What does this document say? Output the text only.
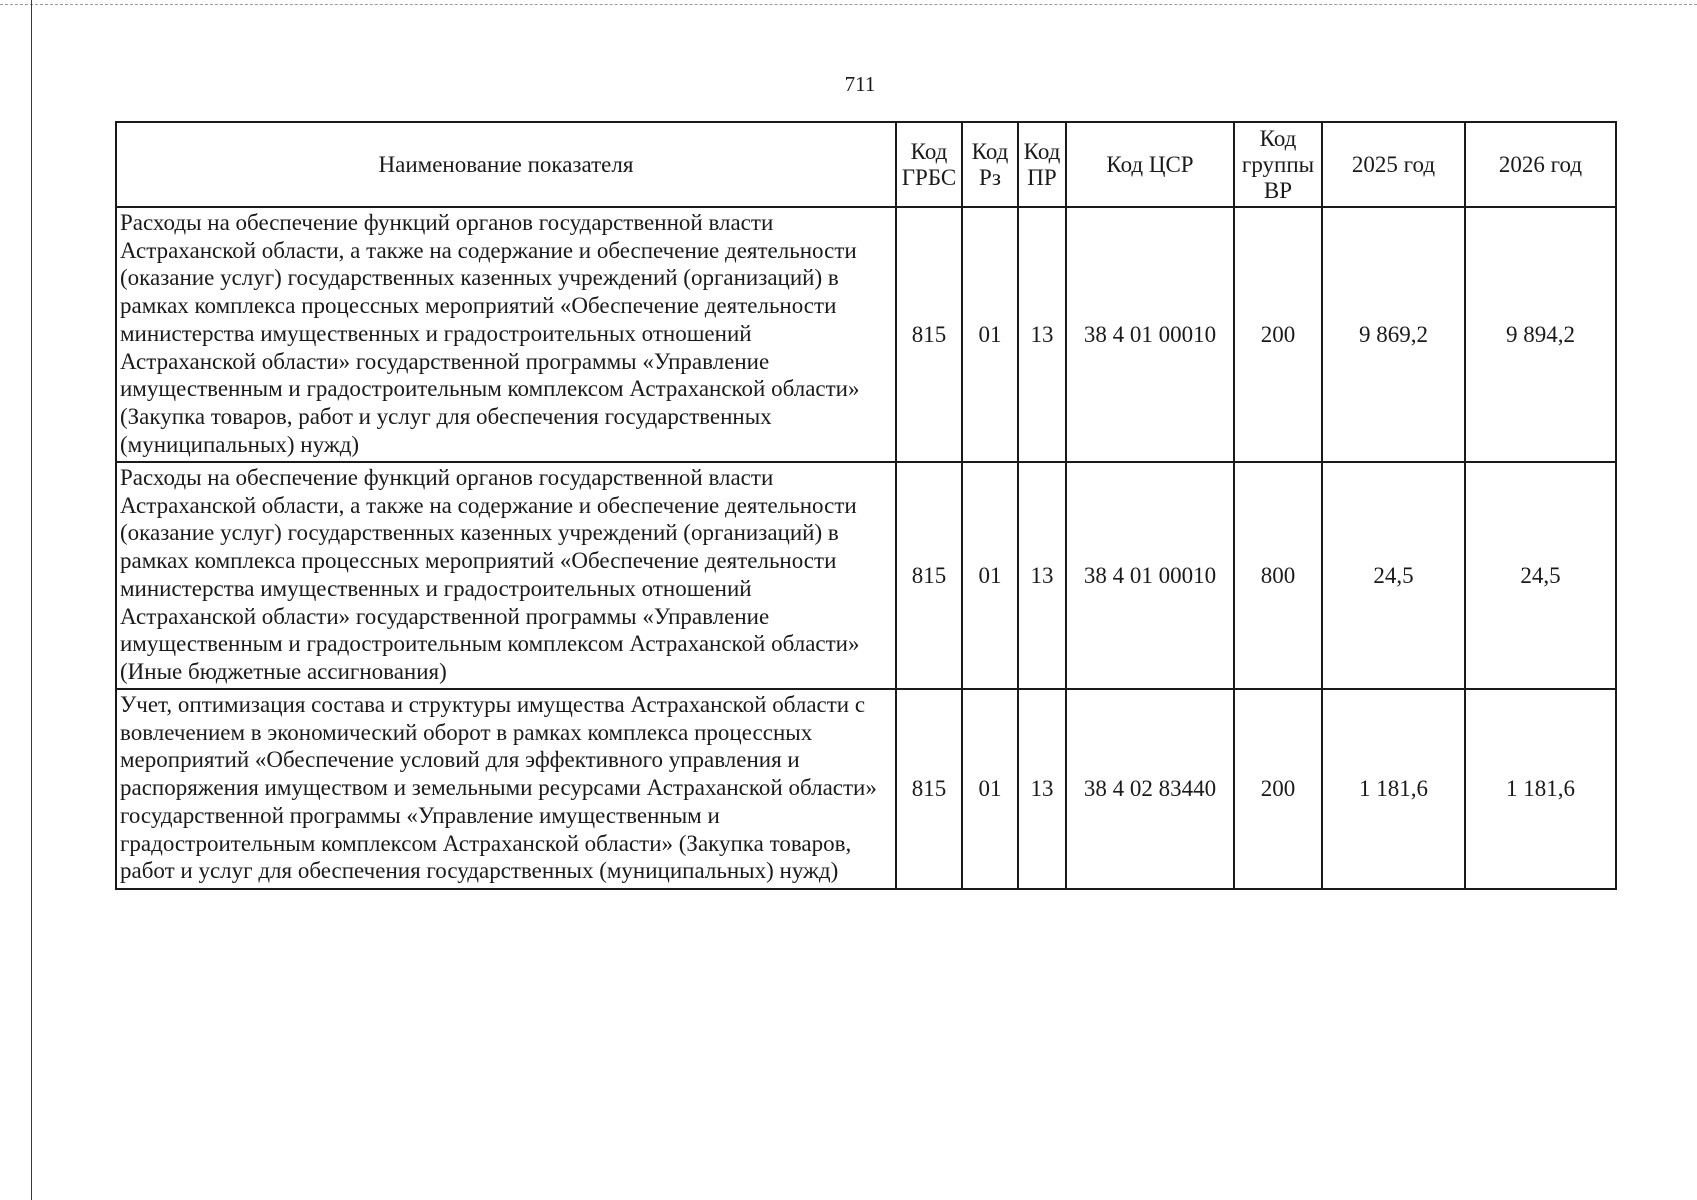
711
Наименование показателя	Код ГРБС	Код Рз	Код ПР	Код ЦСР	Код группы ВР	2025 год	2026 год
Расходы на обеспечение функций органов государственной власти Астраханской области, а также на содержание и обеспечение деятельности (оказание услуг) государственных казенных учреждений (организаций) в рамках комплекса процессных мероприятий «Обеспечение деятельности министерства имущественных и градостроительных отношений Астраханской области» государственной программы «Управление имущественным и градостроительным комплексом Астраханской области» (Закупка товаров, работ и услуг для обеспечения государственных (муниципальных) нужд)	815	01	13	38 4 01 00010	200	9 869,2	9 894,2
Расходы на обеспечение функций органов государственной власти Астраханской области, а также на содержание и обеспечение деятельности (оказание услуг) государственных казенных учреждений (организаций) в рамках комплекса процессных мероприятий «Обеспечение деятельности министерства имущественных и градостроительных отношений Астраханской области» государственной программы «Управление имущественным и градостроительным комплексом Астраханской области» (Иные бюджетные ассигнования)	815	01	13	38 4 01 00010	800	24,5	24,5
Учет, оптимизация состава и структуры имущества Астраханской области с вовлечением в экономический оборот в рамках комплекса процессных мероприятий «Обеспечение условий для эффективного управления и распоряжения имуществом и земельными ресурсами Астраханской области» государственной программы «Управление имущественным и градостроительным комплексом Астраханской области» (Закупка товаров, работ и услуг для обеспечения государственных (муниципальных) нужд)	815	01	13	38 4 02 83440	200	1 181,6	1 181,6
